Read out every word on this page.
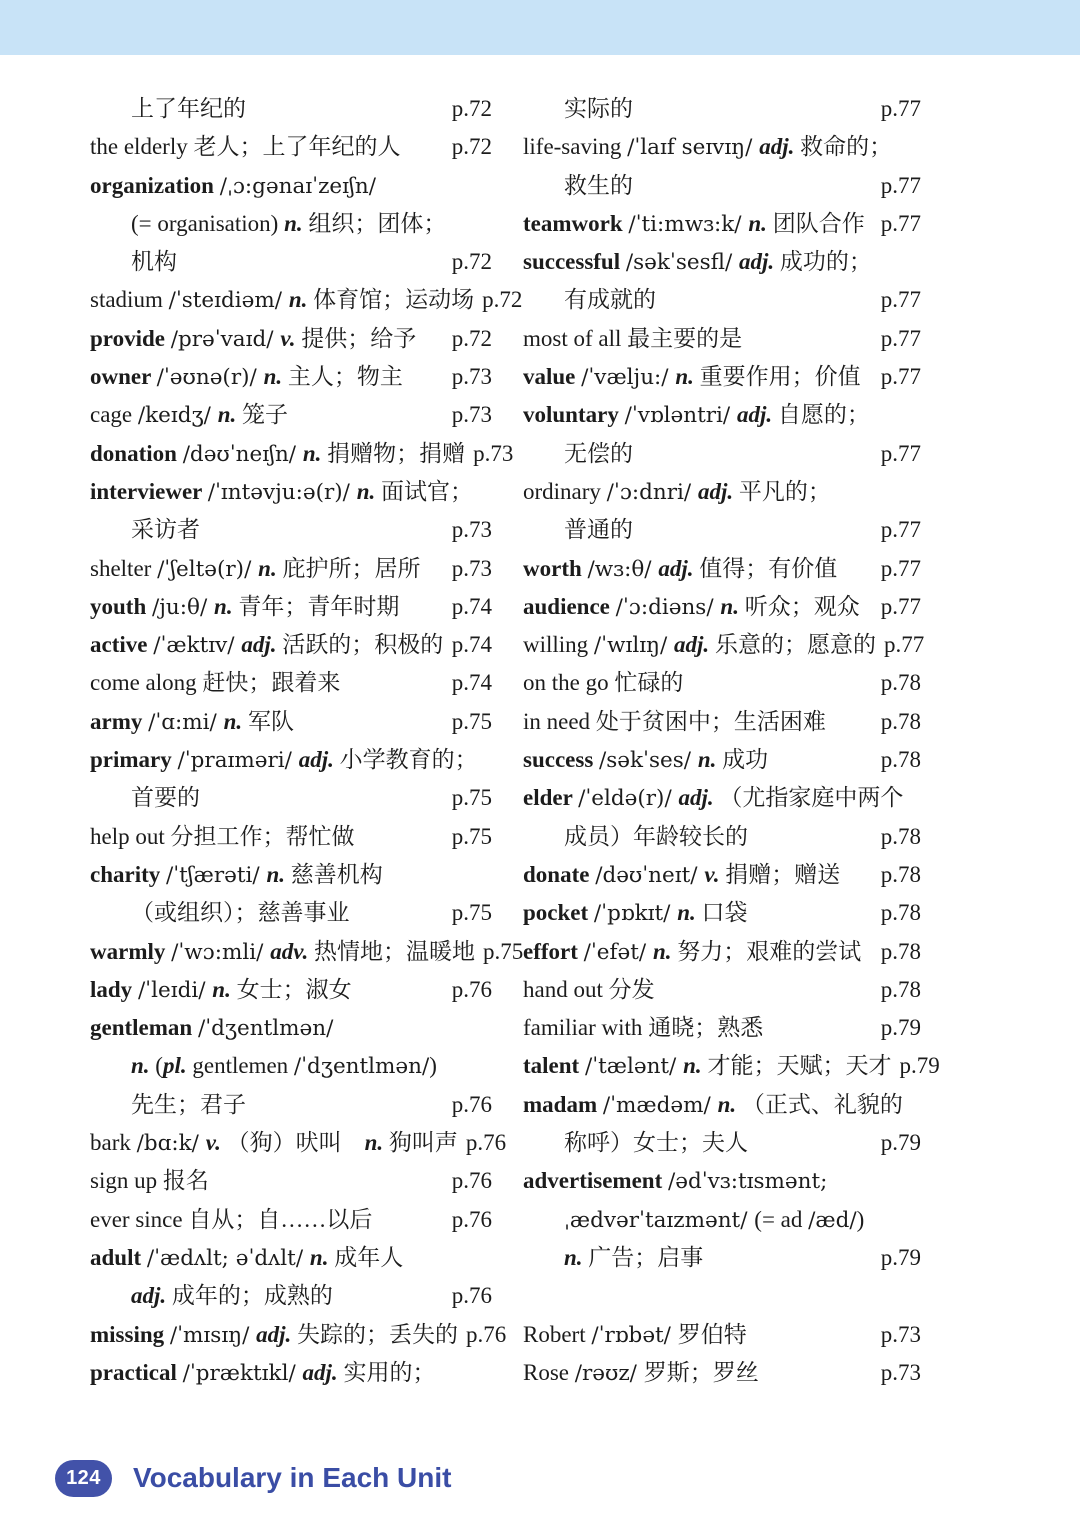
上了年纪的	p.72
the elderly 老人；上了年纪的人 p.72
organization /ˌɔ:gənaɪˈzeɪʃn/
(= organisation) n. 组织；团体；
机构	p.72
stadium /ˈsteɪdiəm/ n. 体育馆；运动场 p.72
provide /prəˈvaɪd/ v. 提供；给予 p.72
owner /ˈəʊnə(r)/ n. 主人；物主 p.73
cage /keɪdʒ/ n. 笼子	p.73
donation /dəʊˈneɪʃn/ n. 捐赠物；捐赠 p.73
interviewer /ˈɪntəvju:ə(r)/ n. 面试官；
采访者	p.73
shelter /ˈʃeltə(r)/ n. 庇护所；居所 p.73
youth /ju:θ/ n. 青年；青年时期 p.74
active /ˈæktɪv/ adj. 活跃的；积极的 p.74
come along 赶快；跟着来	p.74
army /ˈɑ:mi/ n. 军队	p.75
primary /ˈpraɪməri/ adj. 小学教育的；
首要的	p.75
help out 分担工作；帮忙做	p.75
charity /ˈtʃærəti/ n. 慈善机构
（或组织）；慈善事业	p.75
warmly /ˈwɔ:mli/ adv. 热情地；温暖地 p.75
lady /ˈleɪdi/ n. 女士；淑女	p.76
gentleman /ˈdʒentlmən/
n. (pl. gentlemen /ˈdʒentlmən/)
先生；君子	p.76
bark /bɑ:k/ v. （狗）吠叫　n. 狗叫声 p.76
sign up 报名	p.76
ever since 自从；自……以后	p.76
adult /ˈædʌlt; əˈdʌlt/ n. 成年人
adj. 成年的；成熟的	p.76
missing /ˈmɪsɪŋ/ adj. 失踪的；丢失的 p.76
practical /ˈpræktɪkl/ adj. 实用的；
实际的	p.77
life-saving /ˈlaɪf seɪvɪŋ/ adj. 救命的；
救生的	p.77
teamwork /ˈti:mwɜ:k/ n. 团队合作 p.77
successful /səkˈsesfl/ adj. 成功的；
有成就的	p.77
most of all 最主要的是	p.77
value /ˈvælju:/ n. 重要作用；价值 p.77
voluntary /ˈvɒləntri/ adj. 自愿的；
无偿的	p.77
ordinary /ˈɔ:dnri/ adj. 平凡的；
普通的	p.77
worth /wɜ:θ/ adj. 值得；有价值 p.77
audience /ˈɔ:diəns/ n. 听众；观众 p.77
willing /ˈwɪlɪŋ/ adj. 乐意的；愿意的 p.77
on the go 忙碌的	p.78
in need 处于贫困中；生活困难 p.78
success /səkˈses/ n. 成功	p.78
elder /ˈeldə(r)/ adj. （尤指家庭中两个
成员）年龄较长的	p.78
donate /dəʊˈneɪt/ v. 捐赠；赠送 p.78
pocket /ˈpɒkɪt/ n. 口袋	p.78
effort /ˈefət/ n. 努力；艰难的尝试 p.78
hand out 分发	p.78
familiar with 通晓；熟悉	p.79
talent /ˈtælənt/ n. 才能；天赋；天才 p.79
madam /ˈmædəm/ n. （正式、礼貌的
称呼）女士；夫人	p.79
advertisement /ədˈvɜ:tɪsmənt;
ˌædvərˈtaɪzmənt/ (= ad /æd/)
n. 广告；启事	p.79
Robert /ˈrɒbət/ 罗伯特	p.73
Rose /rəʊz/ 罗斯；罗丝	p.73
124	Vocabulary in Each Unit
